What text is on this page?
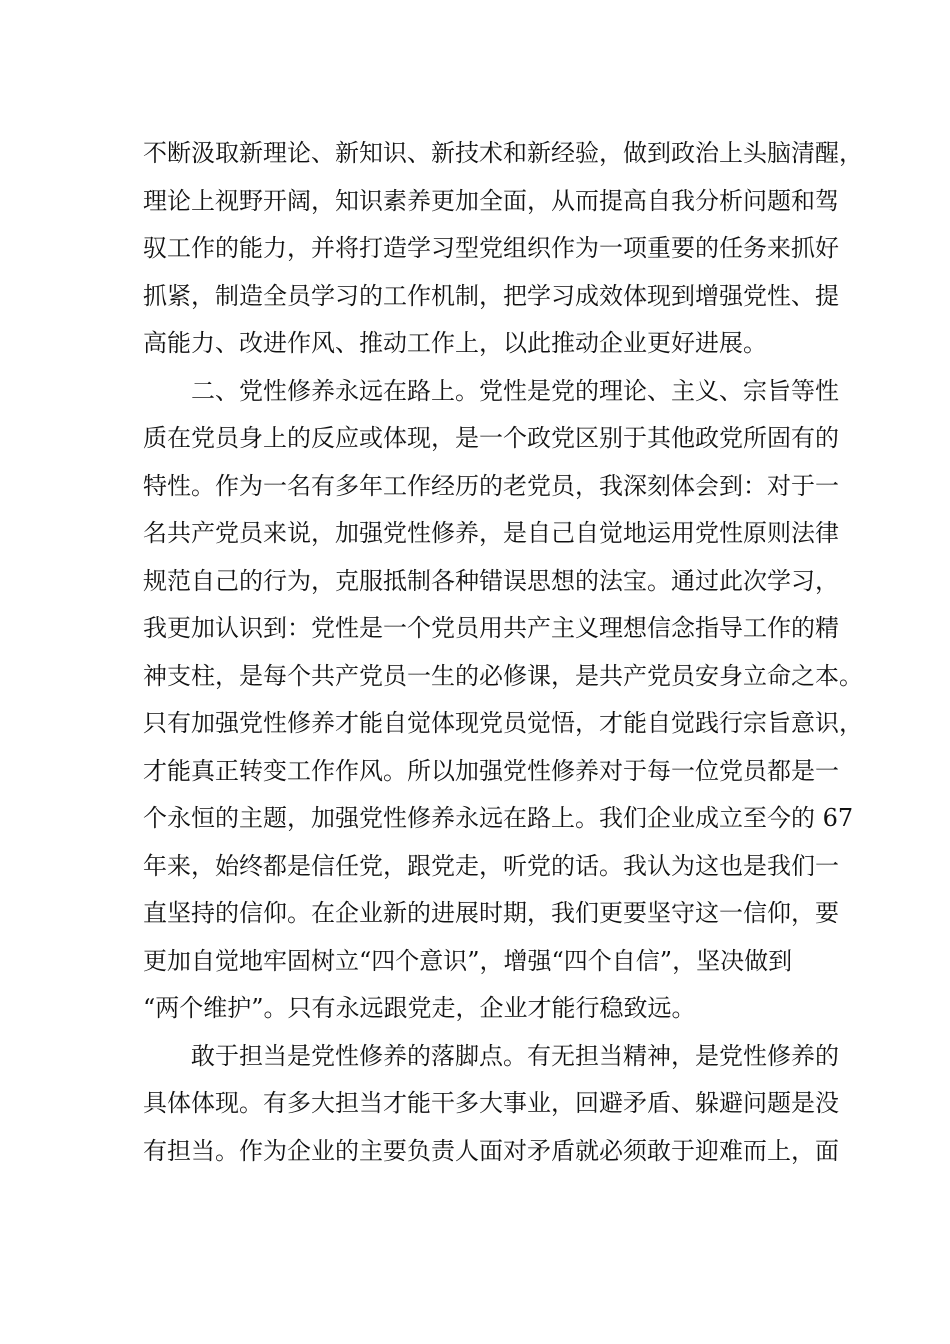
不断汲取新理论、新知识、新技术和新经验，做到政治上头脑清醒，
理论上视野开阔，知识素养更加全面，从而提高自我分析问题和驾
驭工作的能力，并将打造学习型党组织作为一项重要的任务来抓好
抓紧，制造全员学习的工作机制，把学习成效体现到增强党性、提
高能力、改进作风、推动工作上，以此推动企业更好进展。
二、党性修养永远在路上。党性是党的理论、主义、宗旨等性
质在党员身上的反应或体现，是一个政党区别于其他政党所固有的
特性。作为一名有多年工作经历的老党员，我深刻体会到：对于一
名共产党员来说，加强党性修养，是自己自觉地运用党性原则法律
规范自己的行为，克服抵制各种错误思想的法宝。通过此次学习，
我更加认识到：党性是一个党员用共产主义理想信念指导工作的精
神支柱，是每个共产党员一生的必修课，是共产党员安身立命之本。
只有加强党性修养才能自觉体现党员觉悟，才能自觉践行宗旨意识，
才能真正转变工作作风。所以加强党性修养对于每一位党员都是一
个永恒的主题，加强党性修养永远在路上。我们企业成立至今的 67
年来，始终都是信任党，跟党走，听党的话。我认为这也是我们一
直坚持的信仰。在企业新的进展时期，我们更要坚守这一信仰，要
更加自觉地牢固树立“四个意识”，增强“四个自信”，坚决做到
“两个维护”。只有永远跟党走，企业才能行稳致远。
敢于担当是党性修养的落脚点。有无担当精神，是党性修养的
具体体现。有多大担当才能干多大事业，回避矛盾、躲避问题是没
有担当。作为企业的主要负责人面对矛盾就必须敢于迎难而上，面
